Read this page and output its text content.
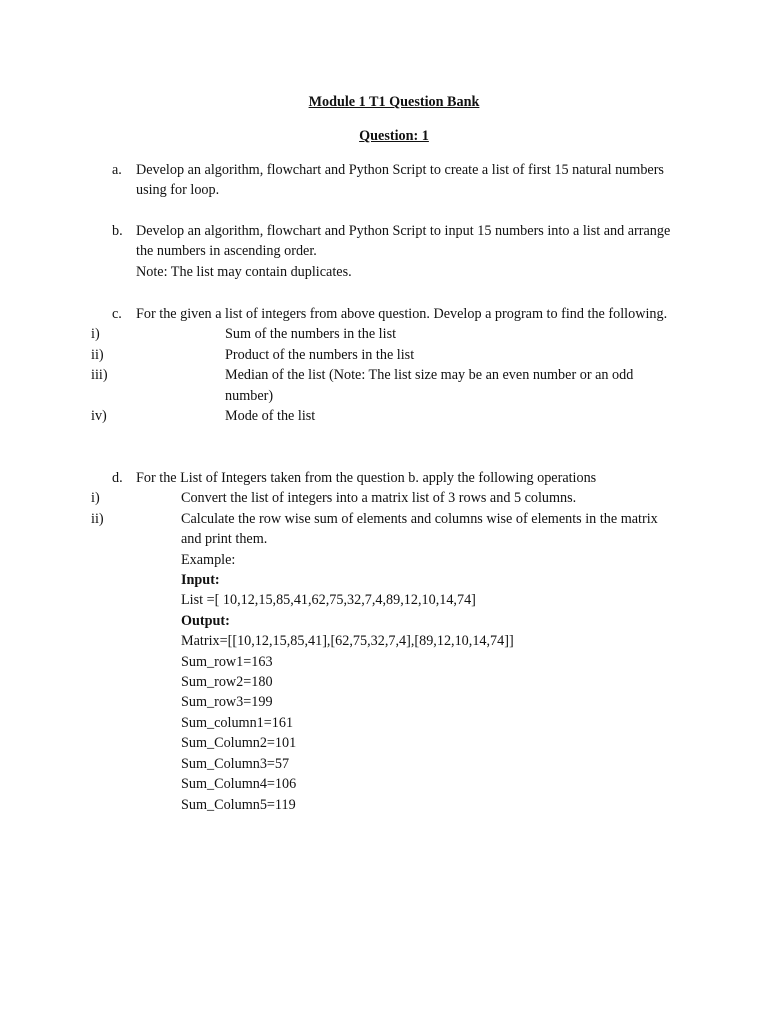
Module 1 T1 Question Bank
Question: 1
a. Develop an algorithm, flowchart and Python Script to create a list of first 15 natural numbers using for loop.

b. Develop an algorithm, flowchart and Python Script to input 15 numbers into a list and arrange the numbers in ascending order.

Note: The list may contain duplicates.

c. For the given a list of integers from above question. Develop a program to find the following.

i)	Sum of the numbers in the list
ii)	Product of the numbers in the list
iii)	Median of the list (Note: The list size may be an even number or an odd number)
iv)	Mode of the list
d. For the List of Integers taken from the question b. apply the following operations

i)	Convert the list of integers into a matrix list of 3 rows and 5 columns.
ii)	Calculate the row wise sum of elements and columns wise of elements in the matrix and print them.
Example:
Input:
List =[ 10,12,15,85,41,62,75,32,7,4,89,12,10,14,74]
Output:
Matrix=[[10,12,15,85,41],[62,75,32,7,4],[89,12,10,14,74]]
Sum_row1=163
Sum_row2=180
Sum_row3=199
Sum_column1=161
Sum_Column2=101
Sum_Column3=57
Sum_Column4=106
Sum_Column5=119
